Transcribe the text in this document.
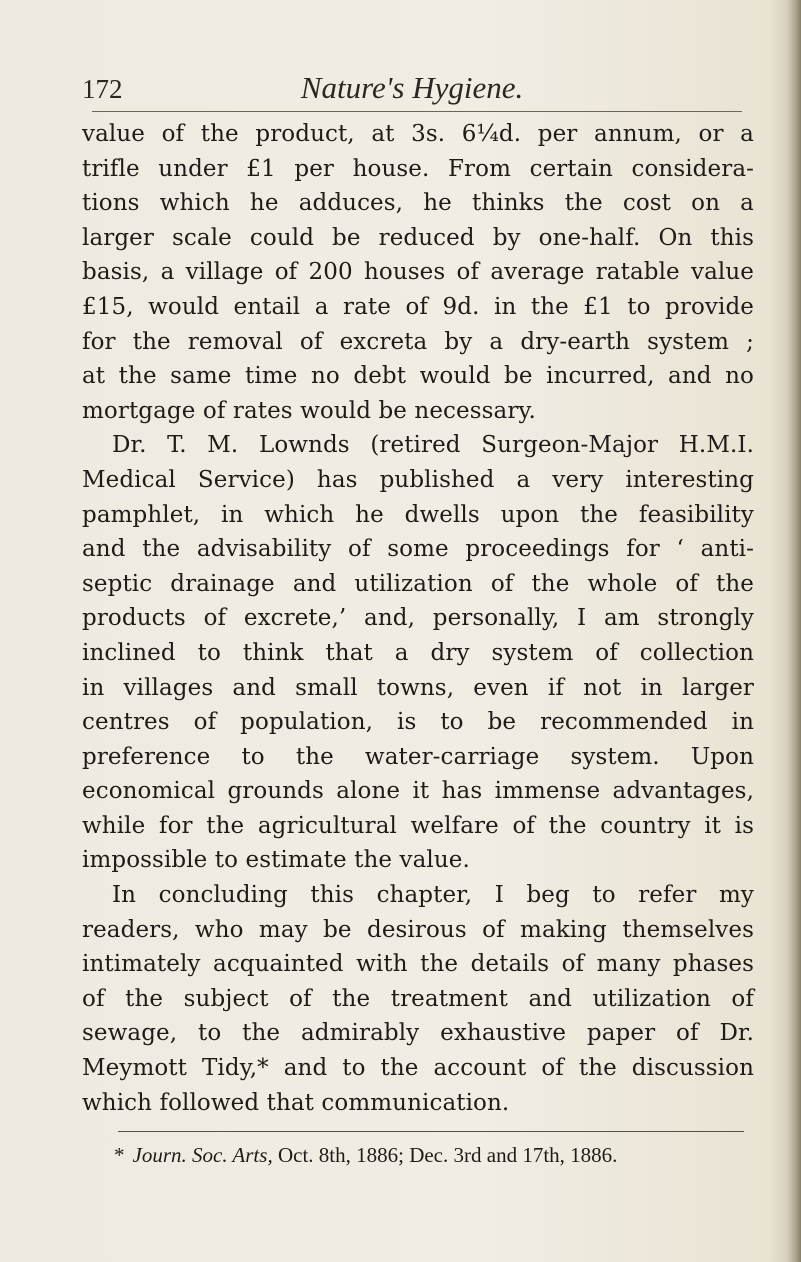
172	Nature's Hygiene.
value of the product, at 3s. 6¼d. per annum, or a
trifle under £1 per house. From certain considera-
tions which he adduces, he thinks the cost on a
larger scale could be reduced by one-half. On this
basis, a village of 200 houses of average ratable value
£15, would entail a rate of 9d. in the £1 to provide
for the removal of excreta by a dry-earth system ;
at the same time no debt would be incurred, and no
mortgage of rates would be necessary.
Dr. T. M. Lownds (retired Surgeon-Major H.M.I.
Medical Service) has published a very interesting
pamphlet, in which he dwells upon the feasibility
and the advisability of some proceedings for ‘ anti-
septic drainage and utilization of the whole of the
products of excrete,’ and, personally, I am strongly
inclined to think that a dry system of collection
in villages and small towns, even if not in larger
centres of population, is to be recommended in
preference to the water-carriage system. Upon
economical grounds alone it has immense advantages,
while for the agricultural welfare of the country it is
impossible to estimate the value.
In concluding this chapter, I beg to refer my
readers, who may be desirous of making themselves
intimately acquainted with the details of many phases
of the subject of the treatment and utilization of
sewage, to the admirably exhaustive paper of Dr.
Meymott Tidy,* and to the account of the discussion
which followed that communication.
* Journ. Soc. Arts, Oct. 8th, 1886; Dec. 3rd and 17th, 1886.
